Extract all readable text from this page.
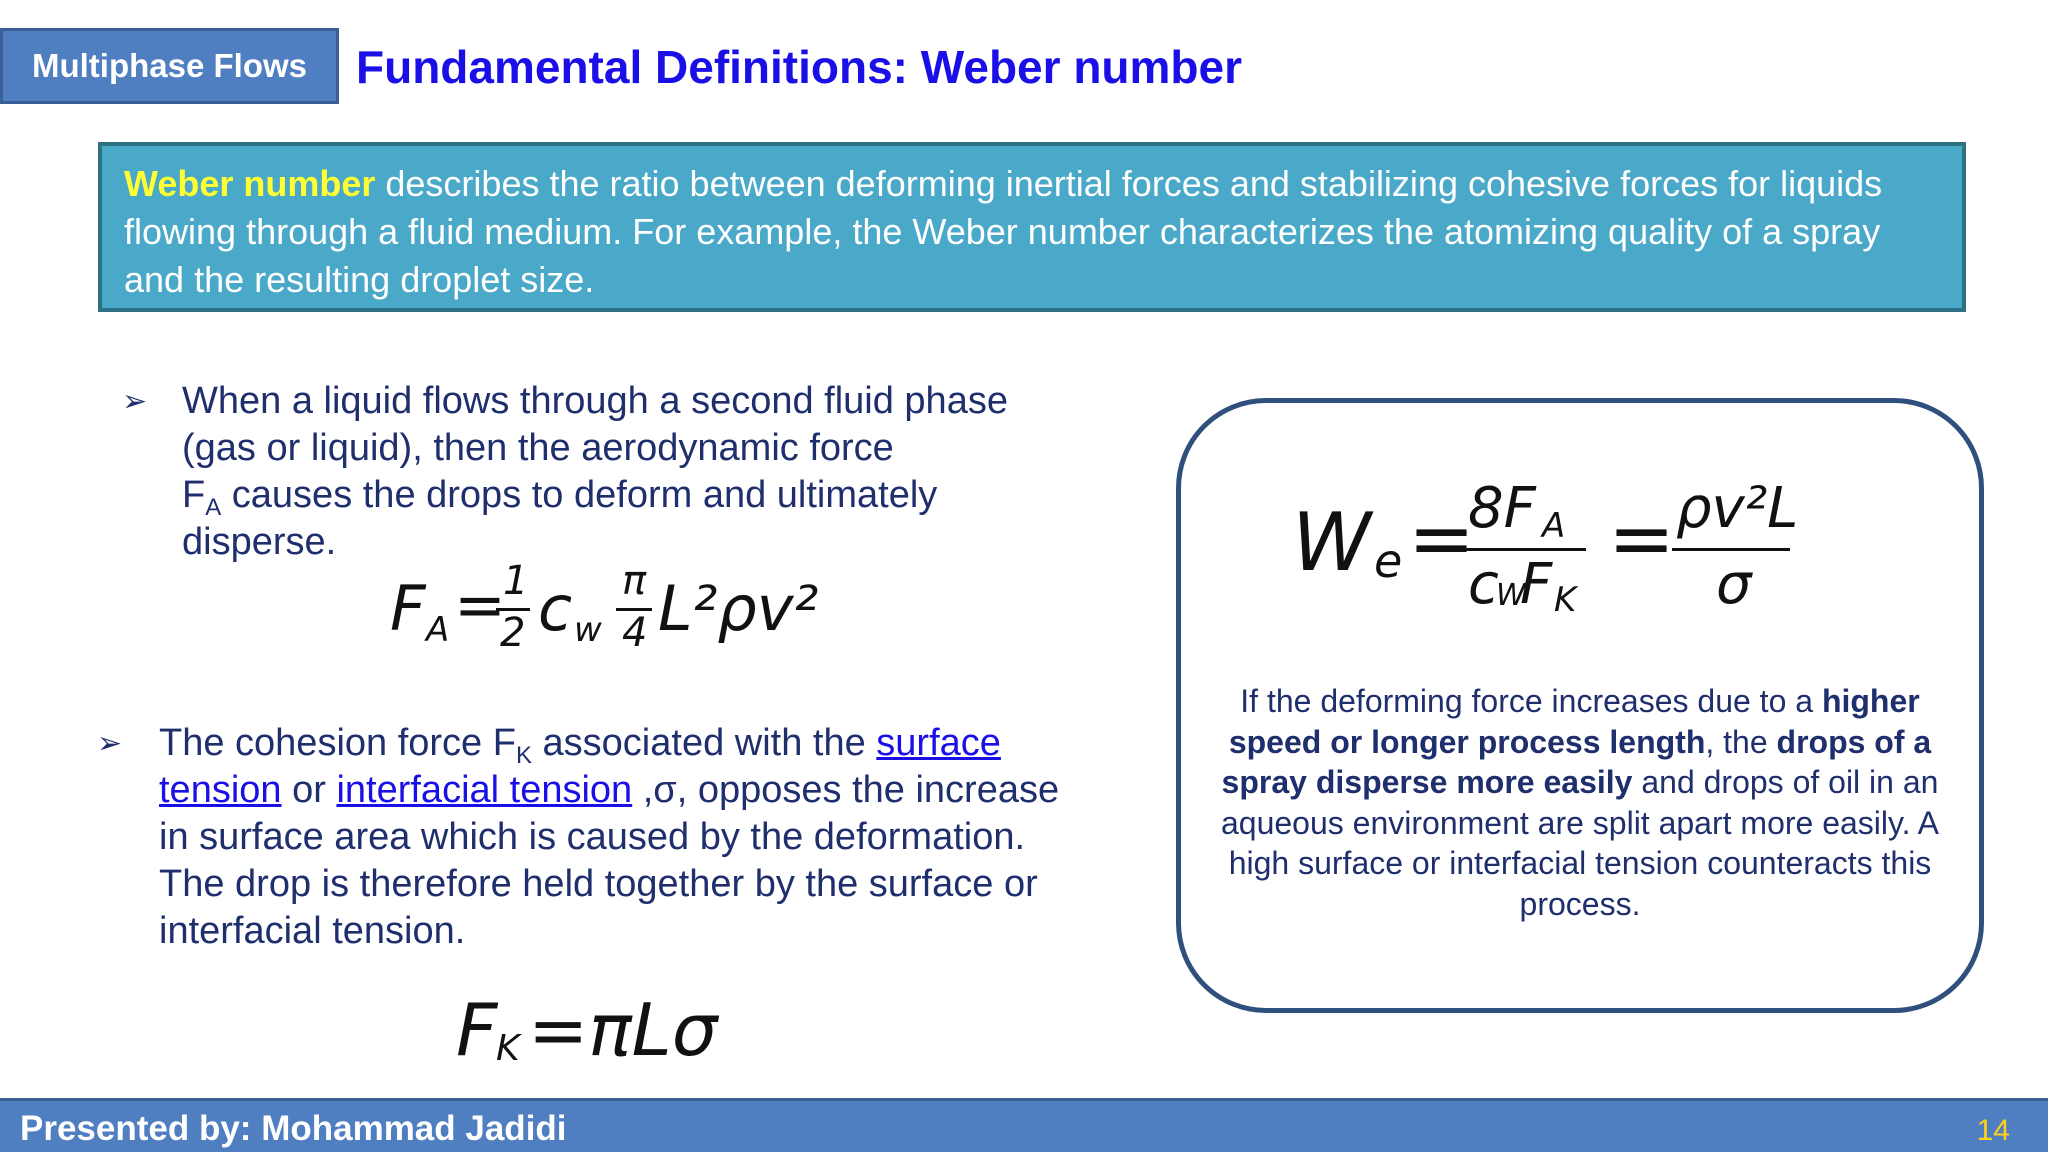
Multiphase Flows	Fundamental Definitions: Weber number
Weber number describes the ratio between deforming inertial forces and stabilizing cohesive forces for liquids flowing through a fluid medium. For example, the Weber number characterizes the atomizing quality of a spray and the resulting droplet size.
➢ When a liquid flows through a second fluid phase
(gas or liquid), then the aerodynamic force
$F_A$ causes the drops to deform and ultimately
disperse.
F A =
1
2 c w
π
4 L²ρv²
➢ The cohesion force $F_K$ associated with the surface tension or interfacial tension ,σ, opposes the increase in surface area which is caused by the deformation. The drop is therefore held together by the surface or interfacial tension.
F
K =πLσ
W e =
8F A
c
W
F K
= ρv²L
σ
If the deforming force increases due to a higher speed or longer process length, the drops of a spray disperse more easily and drops of oil in an aqueous environment are split apart more easily. A high surface or interfacial tension counteracts this process.
Presented by: Mohammad Jadidi	14
